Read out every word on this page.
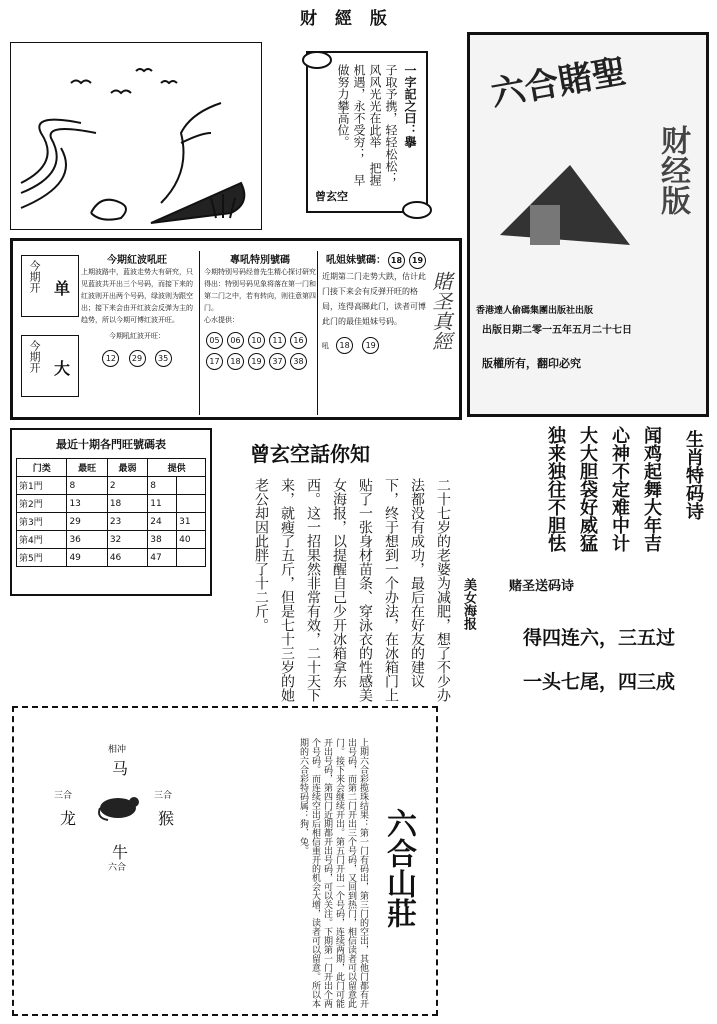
财 經 版
一字記之曰：擧
子取予携，轻轻松松； 风风光光在此举 把握机遇，永不受穷； 早做努力攀高位。
曾玄空
六合賭聖
财经版
香港達人偷碼集團出版社出版
出版日期二零一五年五月二十七日
版權所有，翻印必究
今期开 单
今期开 大
今期紅波吼旺
上期波路中，蓝波走势大有研究，只见蓝波共开出三个号码，而接下来的红波则开出两个号码，绿波则为跟空出；接下来会由开红波会反弹为主的趋势，所以今期可博红波开旺。
今期吼紅波开旺：
12 29 35
專吼特別號碼
今期特别号码经曾先生精心探讨研究得出：特别号码见象将落在第一门和第二门之中，若有转向，则往意第四门。
心水提供：
05 06 10 11 16
17 18 19 37 38
吼姐妹號碼： 18 19
近期第二门走势大跌，估计此门接下来会有反弹开旺的格局，连得高睇此门，读者可博此门的最佳姐妹号码。
吼 18 19	賭圣真經
最近十期各門旺號碼表
门类	最旺	最弱	提供	
第1門	8	2	8	
第2門	13	18	11	
第3門	29	23	24	31
第4門	36	32	38	40
第5門	49	46	47	
曾玄空話你知
美女海报
二十七岁的老婆为减肥，想了不少办法都没有成功，最后在好友的建议下，终于想到一个办法，在冰箱门上贴了一张身材苗条、穿泳衣的性感美女海报，以提醒自己少开冰箱拿东西。这一招果然非常有效，二十天下来，就瘦了五斤，但是七十三岁的她老公却因此胖了十二斤。
生肖特码诗
闻鸡起舞大年吉
心神不定难中计
大大胆袋好威猛
独来独往不胆怯
赌圣送码诗
得四连六，三五过
一头七尾，四三成
相冲
马
三合
龙
三合
猴
牛
六合	六合山莊
上期六合彩揽珠结果：第一门有码出，第三门的空出，其他门都有开出号码，而第二门开出三个号码，又回到热门，相信读者可以留意此门。接下来会继续开出。第五门开出一个号码，连续两期，此门可能开出号码，第四门近期都开出号码，可以关注。下期第一门开出个两个号码。而连续空出后相信重开的机会大增，读者可以留意。所以本期的六合彩特码属：狗、兔。
